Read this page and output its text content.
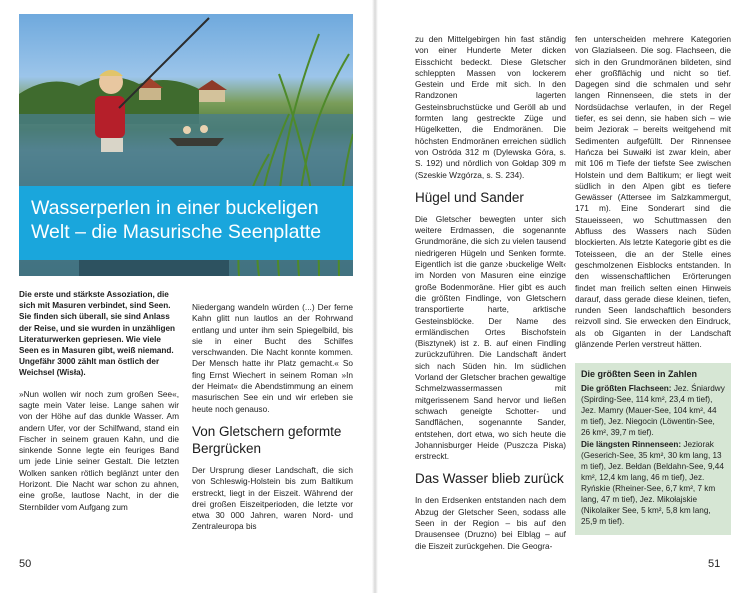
Wasserperlen in einer buckeligen Welt – die Masurische Seenplatte

Die erste und stärkste Assoziation, die sich mit Masuren verbindet, sind Seen. Sie finden sich überall, sie sind Anlass der Reise, und sie wurden in unzähligen Literaturwerken gepriesen. Wie viele Seen es in Masuren gibt, weiß niemand. Ungefähr 3000 zählt man östlich der Weichsel (Wisła).

»Nun wollen wir noch zum großen See«, sagte mein Vater leise. Lange sahen wir von der Höhe auf das dunkle Wasser. Am andern Ufer, vor der Schilfwand, stand ein Fischer in seinem grauen Kahn, und die sinkende Sonne legte ein feuriges Band um jede Linie seiner Gestalt. Die letzten Wolken sanken rötlich beglänzt unter den Horizont. Die Nacht war schon zu ahnen, eine große, lautlose Nacht, in der die Sternbilder vom Aufgang zum

Niedergang wandeln würden (...) Der ferne Kahn glitt nun lautlos an der Rohrwand entlang und unter ihm sein Spiegelbild, bis sie in einer Bucht des Schilfes verschwanden. Die Nacht konnte kommen. Der Mensch hatte ihr Platz gemacht.« So fing Ernst Wiechert in seinem Roman »In der Heimat« die Abendstimmung an einem masurischen See ein und wir erleben sie heute noch genauso.

Von Gletschern geformte Bergrücken

Der Ursprung dieser Landschaft, die sich von Schleswig-Holstein bis zum Baltikum erstreckt, liegt in der Eiszeit. Während der drei großen Eiszeitperioden, die letzte vor etwa 30 000 Jahren, waren Nord- und Zentraleuropa bis

50

zu den Mittelgebirgen hin fast ständig von einer Hunderte Meter dicken Eisschicht bedeckt. Diese Gletscher schleppten Massen von lockerem Gestein und Erde mit sich. In den Randzonen lagerten Gesteinsbruchstücke und Geröll ab und formten lang gestreckte Züge und Hügelketten, die Endmoränen. Die höchsten Endmoränen erreichen südlich von Ostróda 312 m (Dylewska Góra, s. S. 192) und nördlich von Gołdap 309 m (Szeskie Wzgórza, s. S. 234).

Hügel und Sander

Die Gletscher bewegten unter sich weitere Erdmassen, die sogenannte Grundmoräne, die sich zu vielen tausend niedrigeren Hügeln und Senken formte. Eigentlich ist die ganze ›buckelige Welt‹ im Norden von Masuren eine einzige große Bodenmoräne. Hier gibt es auch die größten Findlinge, von Gletschern transportierte harte, arktische Gesteinsblöcke. Der Name des ermländischen Ortes Bischofstein (Bisztynek) ist z. B. auf einen Findling zurückzuführen. Die Landschaft ändert sich nach Süden hin. Im südlichen Vorland der Gletscher brachen gewaltige Schmelzwassermassen mit mitgerissenem Sand hervor und ließen schwach geneigte Schotter- und Sandflächen, sogenannte Sander, entstehen, dort etwa, wo sich heute die Johannisburger Heide (Puszcza Piska) erstreckt.

Das Wasser blieb zurück

In den Erdsenken entstanden nach dem Abzug der Gletscher Seen, sodass alle Seen in der Region – bis auf den Drausensee (Druzno) bei Elbląg – auf die Eiszeit zurückgehen. Die Geogra-

fen unterscheiden mehrere Kategorien von Glazialseen. Die sog. Flachseen, die sich in den Grundmoränen bildeten, sind eher großflächig und nicht so tief. Dagegen sind die schmalen und sehr langen Rinnenseen, die stets in der Nordsüdachse verlaufen, in der Regel tiefer, es sei denn, sie haben sich – wie beim Jeziorak – bereits weitgehend mit Sedimenten aufgefüllt. Der Rinnensee Hańcza bei Suwałki ist zwar klein, aber mit 106 m Tiefe der tiefste See zwischen Holstein und dem Baltikum; er liegt weit südlich in den Alpen gibt es tiefere Gewässer (Attersee im Salzkammergut, 171 m). Eine Sonderart sind die Staueisseen, wo Schuttmassen den Abfluss des Wassers nach Süden blockierten. Als letzte Kategorie gibt es die Toteisseen, die an der Stelle eines geschmolzenen Eisblocks entstanden. In den wissenschaftlichen Erörterungen findet man freilich selten einen Hinweis darauf, dass gerade diese kleinen, tiefen, runden Seen landschaftlich besonders reizvoll sind. Sie erwecken den Eindruck, als ob Giganten in der Landschaft glänzende Perlen verstreut hätten.

51
Die größten Seen in Zahlen
Die größten Flachseen: Jez. Śniardwy (Spirding-See, 114 km², 23,4 m tief), Jez. Mamry (Mauer-See, 104 km², 44 m tief), Jez. Niegocin (Löwentin-See, 26 km², 39,7 m tief).
Die längsten Rinnenseen: Jeziorak (Geserich-See, 35 km², 30 km lang, 13 m tief), Jez. Bełdan (Beldahn-See, 9,44 km², 12,4 km lang, 46 m tief), Jez. Ryńskie (Rheiner-See, 6,7 km², 7 km lang, 47 m tief), Jez. Mikołajskie (Nikolaiker See, 5 km², 5,8 km lang, 25,9 m tief).
